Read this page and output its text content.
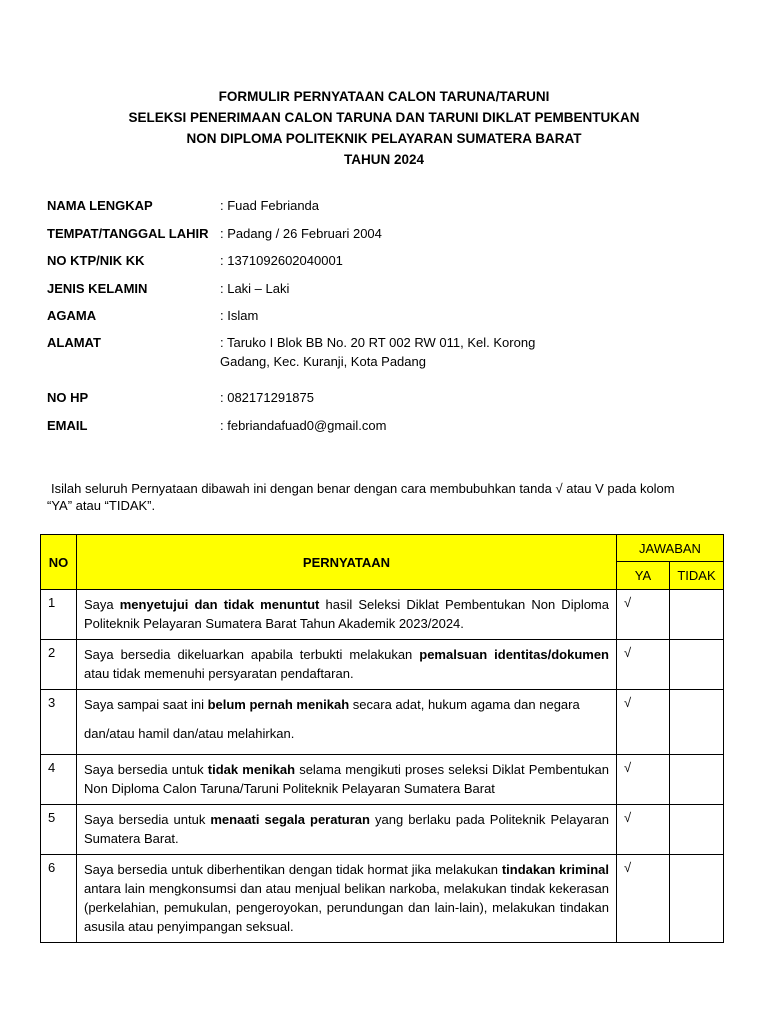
FORMULIR PERNYATAAN CALON TARUNA/TARUNI
SELEKSI PENERIMAAN CALON TARUNA DAN TARUNI DIKLAT PEMBENTUKAN
NON DIPLOMA POLITEKNIK PELAYARAN SUMATERA BARAT
TAHUN 2024
NAMA LENGKAP	: Fuad Febrianda
TEMPAT/TANGGAL LAHIR : Padang / 26 Februari 2004
NO KTP/NIK KK	: 1371092602040001
JENIS KELAMIN	: Laki – Laki
AGAMA	: Islam
ALAMAT	: Taruko I Blok BB No. 20 RT 002 RW 011, Kel. Korong
Gadang, Kec. Kuranji, Kota Padang
NO HP	: 082171291875
EMAIL	: febriandafuad0@gmail.com
Isilah seluruh Pernyataan dibawah ini dengan benar dengan cara membubuhkan tanda √ atau V pada kolom
“YA” atau “TIDAK”.
NO	PERNYATAAN	JAWABAN	
		YA	TIDAK
1	Saya menyetujui dan tidak menuntut hasil Seleksi Diklat Pembentukan Non Diploma Politeknik Pelayaran Sumatera Barat Tahun Akademik 2023/2024.	√	
2	Saya bersedia dikeluarkan apabila terbukti melakukan pemalsuan identitas/dokumen atau tidak memenuhi persyaratan pendaftaran.	√	
3	Saya sampai saat ini belum pernah menikah secara adat, hukum agama dan negara
dan/atau hamil dan/atau melahirkan.	√	
4	Saya bersedia untuk tidak menikah selama mengikuti proses seleksi Diklat Pembentukan Non Diploma Calon Taruna/Taruni Politeknik Pelayaran Sumatera Barat	√	
5	Saya bersedia untuk menaati segala peraturan yang berlaku pada Politeknik Pelayaran Sumatera Barat.	√	
6	Saya bersedia untuk diberhentikan dengan tidak hormat jika melakukan tindakan kriminal antara lain mengkonsumsi dan atau menjual belikan narkoba, melakukan tindak kekerasan (perkelahian, pemukulan, pengeroyokan, perundungan dan lain-lain), melakukan tindakan asusila atau penyimpangan seksual.	√	
